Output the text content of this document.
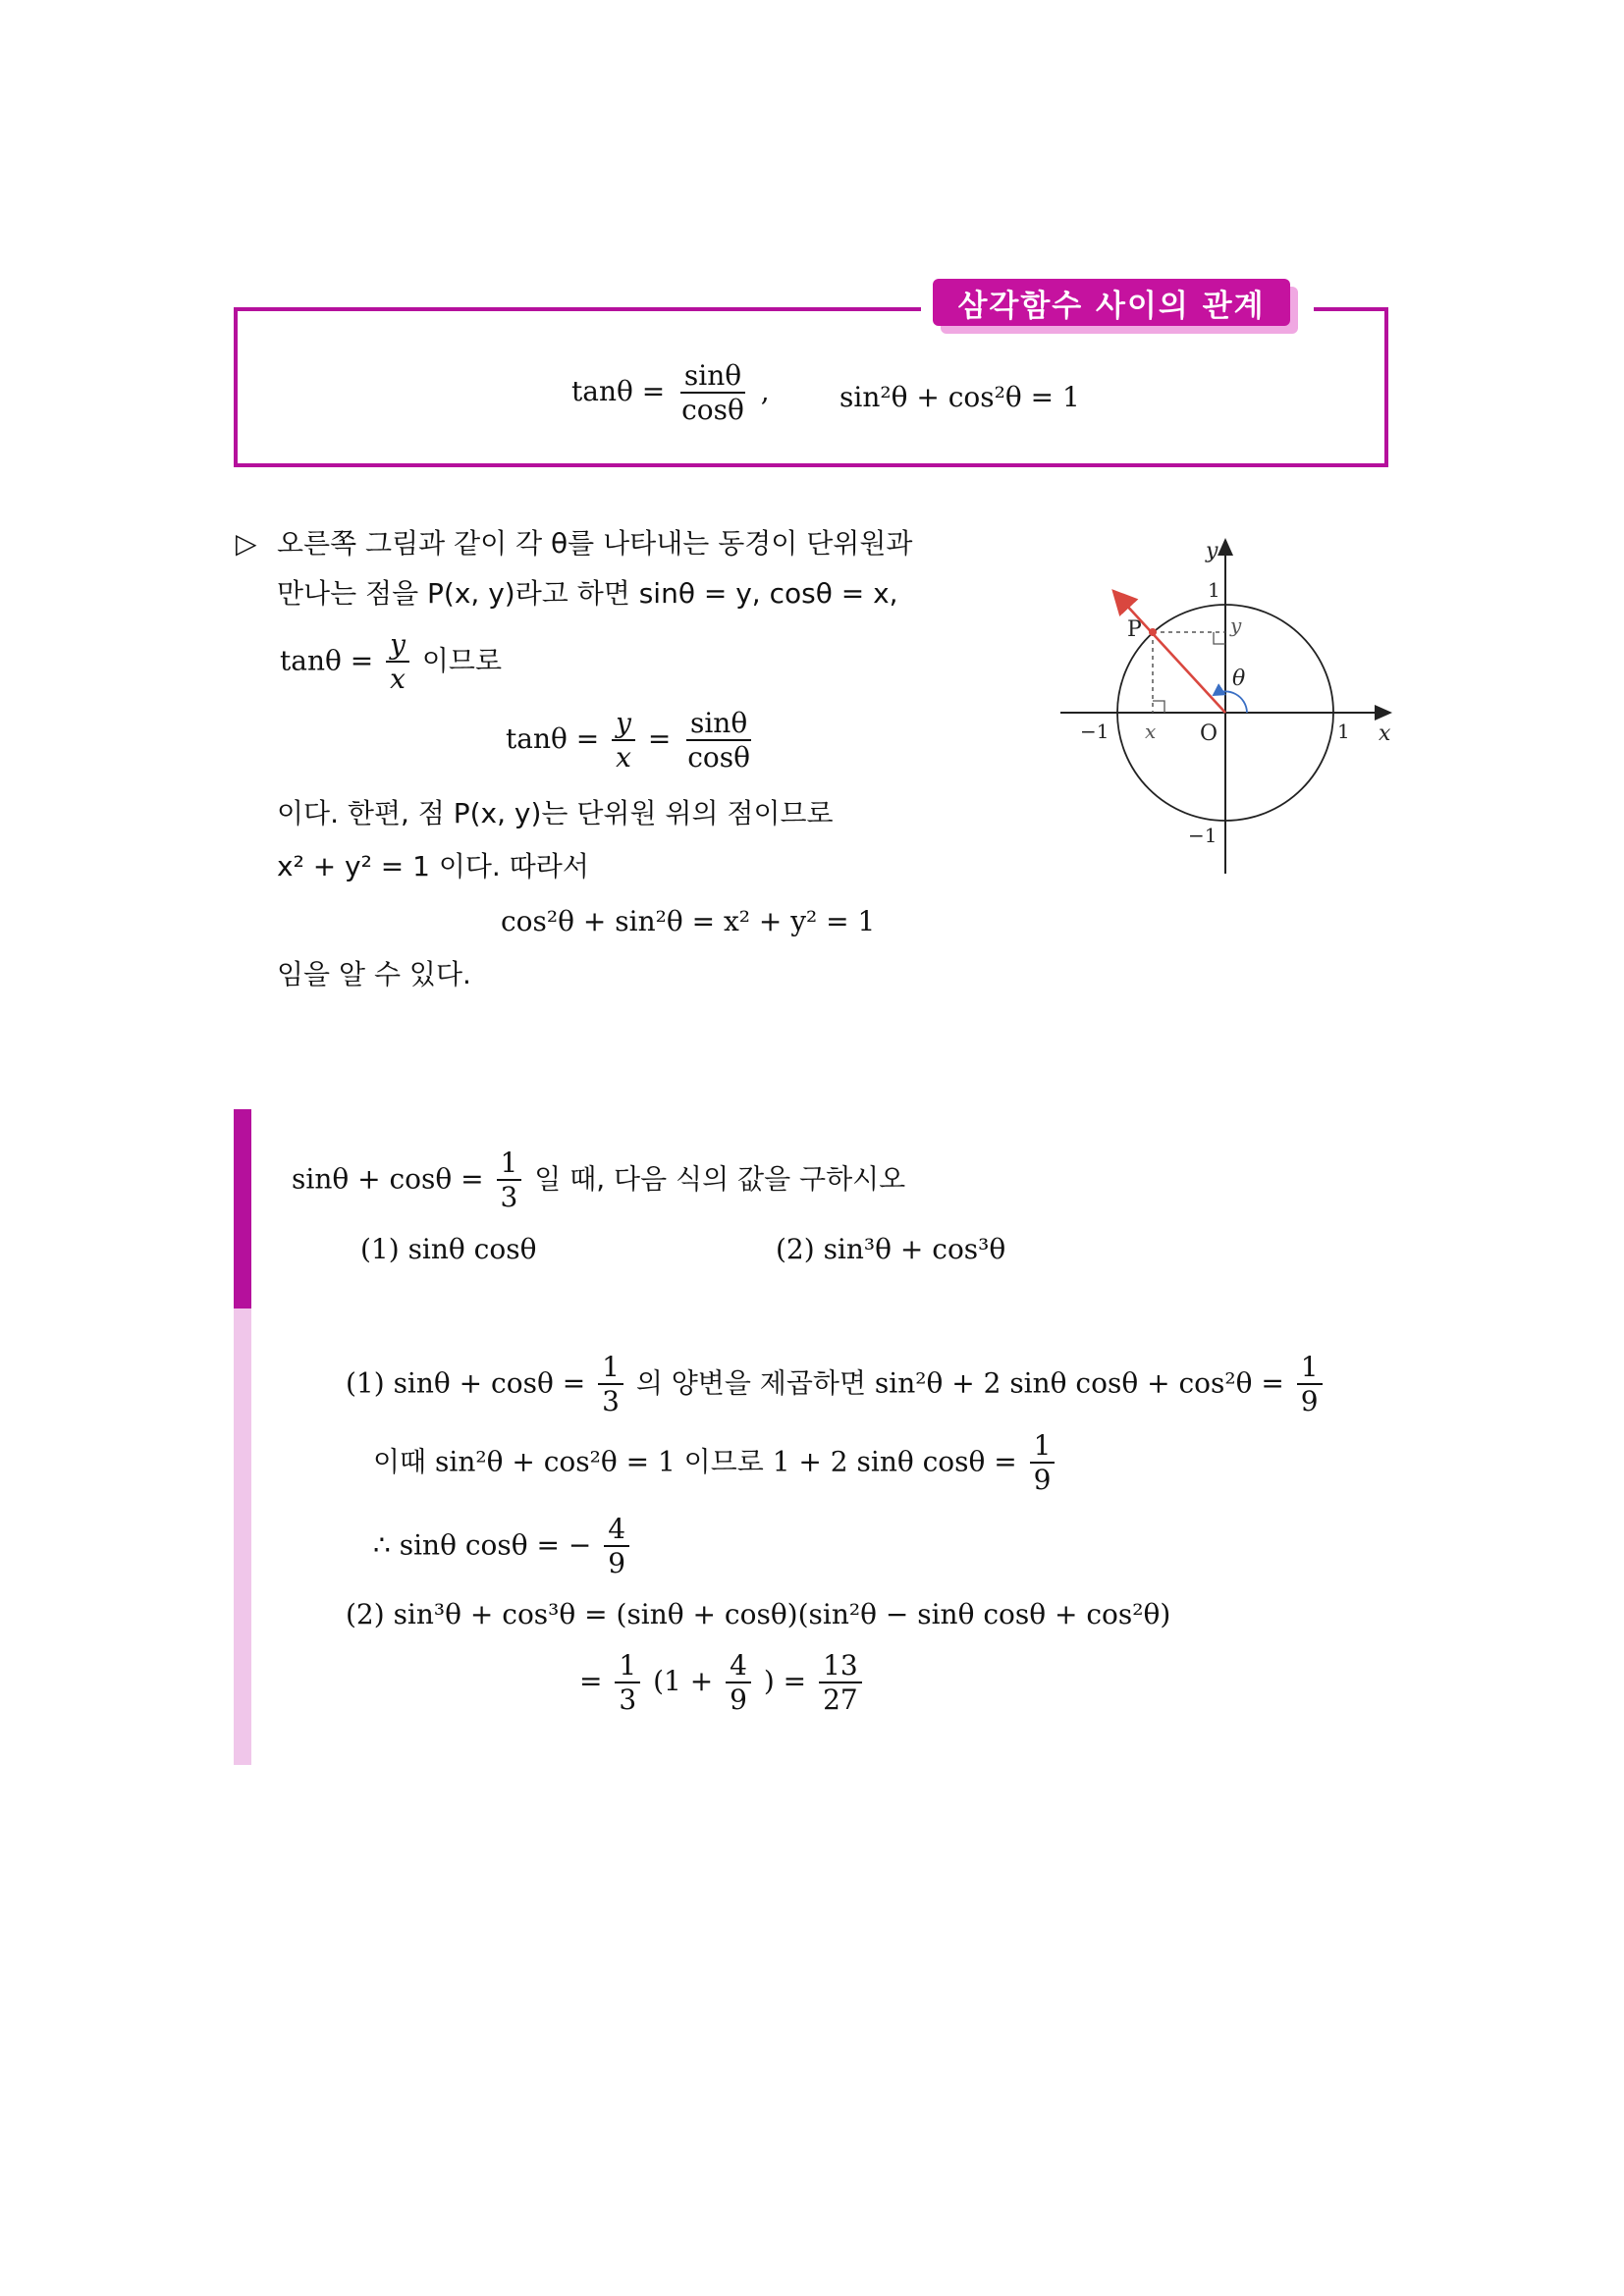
삼각함수 사이의 관계
$\tan\theta = \frac{\sin\theta}{\cos\theta}$ ,	sin²θ + cos²θ = 1
▷ 오른쪽 그림과 같이 각 θ를 나타내는 동경이 단위원과
만나는 점을 P(x, y)라고 하면 sinθ = y, cosθ = x,
$\tan\theta = \frac{y}{x}$ 이므로
$\tan\theta = \frac{y}{x} = \frac{\sin\theta}{\cos\theta}$
이다. 한편, 점 P(x, y)는 단위원 위의 점이므로
x² + y² = 1 이다. 따라서
cos²θ + sin²θ = x² + y² = 1
임을 알 수 있다.
y
x
O
P
θ
1
−1
1
−1 x
y
$\sin\theta + \cos\theta = \frac{1}{3}$ 일 때, 다음 식의 값을 구하시오
(1) sinθ cosθ	(2) sin³θ + cos³θ
(1) $\sin\theta + \cos\theta = \frac{1}{3}$ 의 양변을 제곱하면 sin²θ + 2 sinθ $\cos\theta + \cos^2\theta = \frac{1}{9}$
이때 sin²θ + cos²θ = 1 이므로 1 + 2 sinθ $\cos\theta = \frac{1}{9}$
∴ sinθ cosθ = − $\frac{4}{9}$
(2) sin³θ + cos³θ = (sinθ + cosθ)(sin²θ − sinθ cosθ + cos²θ)
= $\frac{1}{3} (1 + \frac{4}{9}$ ) = $\frac{13}{27}$
